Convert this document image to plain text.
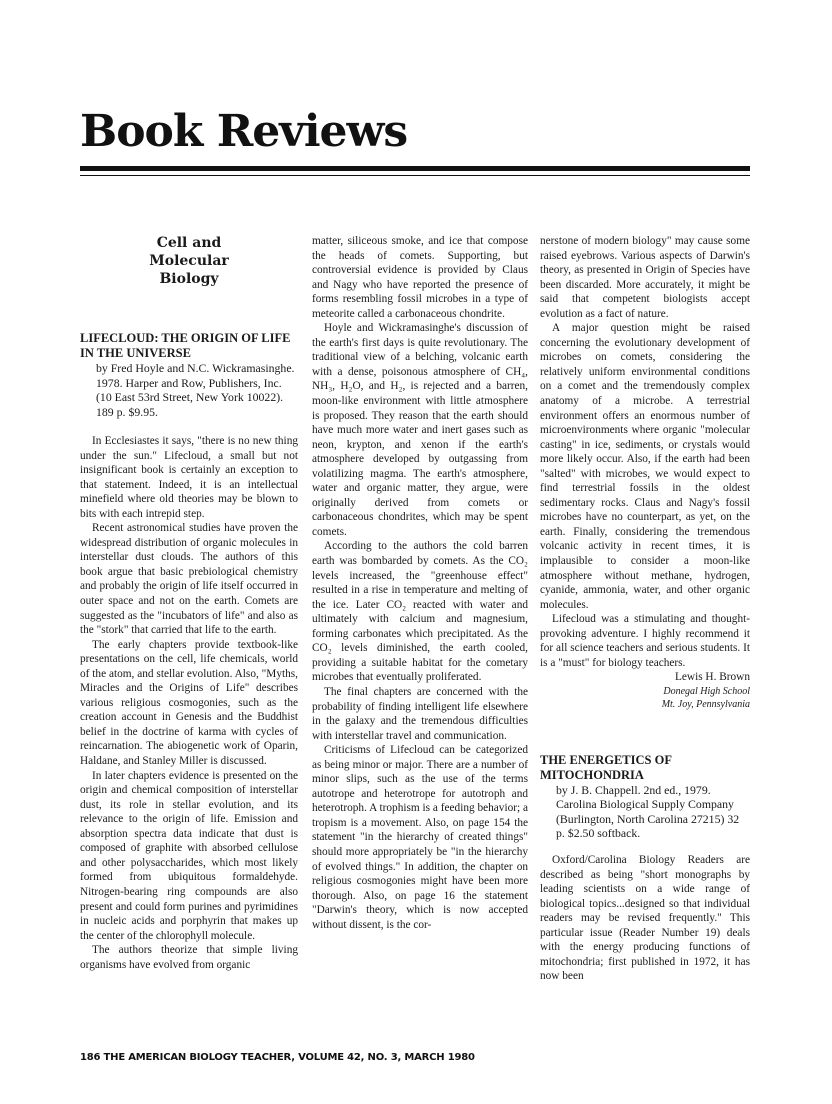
Book Reviews
Cell and Molecular Biology
LIFECLOUD: THE ORIGIN OF LIFE IN THE UNIVERSE

by Fred Hoyle and N.C. Wickramasinghe. 1978. Harper and Row, Publishers, Inc. (10 East 53rd Street, New York 10022). 189 p. $9.95.

In Ecclesiastes it says, "there is no new thing under the sun." Lifecloud, a small but not insignificant book is certainly an exception to that statement. Indeed, it is an intellectual minefield where old theories may be blown to bits with each intrepid step.

Recent astronomical studies have proven the widespread distribution of organic molecules in interstellar dust clouds. The authors of this book argue that basic prebiological chemistry and probably the origin of life itself occurred in outer space and not on the earth. Comets are suggested as the "incubators of life" and also as the "stork" that carried that life to the earth.

The early chapters provide textbook-like presentations on the cell, life chemicals, world of the atom, and stellar evolution. Also, "Myths, Miracles and the Origins of Life" describes various religious cosmogonies, such as the creation account in Genesis and the Buddhist belief in the doctrine of karma with cycles of reincarnation. The abiogenetic work of Oparin, Haldane, and Stanley Miller is discussed.

In later chapters evidence is presented on the origin and chemical composition of interstellar dust, its role in stellar evolution, and its relevance to the origin of life. Emission and absorption spectra data indicate that dust is composed of graphite with absorbed cellulose and other polysaccharides, which most likely formed from ubiquitous formaldehyde. Nitrogen-bearing ring compounds are also present and could form purines and pyrimidines in nucleic acids and porphyrin that makes up the center of the chlorophyll molecule.

The authors theorize that simple living organisms have evolved from organic

matter, siliceous smoke, and ice that compose the heads of comets. Supporting, but controversial evidence is provided by Claus and Nagy who have reported the presence of forms resembling fossil microbes in a type of meteorite called a carbonaceous chondrite.

Hoyle and Wickramasinghe's discussion of the earth's first days is quite revolutionary. The traditional view of a belching, volcanic earth with a dense, poisonous atmosphere of CH₄, NH₃, H₂O, and H₂, is rejected and a barren, moon-like environment with little atmosphere is proposed. They reason that the earth should have much more water and inert gases such as neon, krypton, and xenon if the earth's atmosphere developed by outgassing from volatilizing magma. The earth's atmosphere, water and organic matter, they argue, were originally derived from comets or carbonaceous chondrites, which may be spent comets.

According to the authors the cold barren earth was bombarded by comets. As the CO₂ levels increased, the "greenhouse effect" resulted in a rise in temperature and melting of the ice. Later CO₂ reacted with water and ultimately with calcium and magnesium, forming carbonates which precipitated. As the CO₂ levels diminished, the earth cooled, providing a suitable habitat for the cometary microbes that eventually proliferated.

The final chapters are concerned with the probability of finding intelligent life elsewhere in the galaxy and the tremendous difficulties with interstellar travel and communication.

Criticisms of Lifecloud can be categorized as being minor or major. There are a number of minor slips, such as the use of the terms autotrope and heterotrope for autotroph and heterotroph. A trophism is a feeding behavior; a tropism is a movement. Also, on page 154 the statement "in the hierarchy of created things" should more appropriately be "in the hierarchy of evolved things." In addition, the chapter on religious cosmogonies might have been more thorough. Also, on page 16 the statement "Darwin's theory, which is now accepted without dissent, is the cor-

nerstone of modern biology" may cause some raised eyebrows. Various aspects of Darwin's theory, as presented in Origin of Species have been discarded. More accurately, it might be said that competent biologists accept evolution as a fact of nature.

A major question might be raised concerning the evolutionary development of microbes on comets, considering the relatively uniform environmental conditions on a comet and the tremendously complex anatomy of a microbe. A terrestrial environment offers an enormous number of microenvironments where organic "molecular casting" in ice, sediments, or crystals would more likely occur. Also, if the earth had been "salted" with microbes, we would expect to find terrestrial fossils in the oldest sedimentary rocks. Claus and Nagy's fossil microbes have no counterpart, as yet, on the earth. Finally, considering the tremendous volcanic activity in recent times, it is implausible to consider a moon-like atmosphere without methane, hydrogen, cyanide, ammonia, water, and other organic molecules.

Lifecloud was a stimulating and thought-provoking adventure. I highly recommend it for all science teachers and serious students. It is a "must" for biology teachers.

Lewis H. Brown

Donegal High School

Mt. Joy, Pennsylvania

THE ENERGETICS OF MITOCHONDRIA

by J. B. Chappell. 2nd ed., 1979. Carolina Biological Supply Company (Burlington, North Carolina 27215) 32 p. $2.50 softback.

Oxford/Carolina Biology Readers are described as being "short monographs by leading scientists on a wide range of biological topics...designed so that individual readers may be revised frequently." This particular issue (Reader Number 19) deals with the energy producing functions of mitochondria; first published in 1972, it has now been

186 THE AMERICAN BIOLOGY TEACHER, VOLUME 42, NO. 3, MARCH 1980
